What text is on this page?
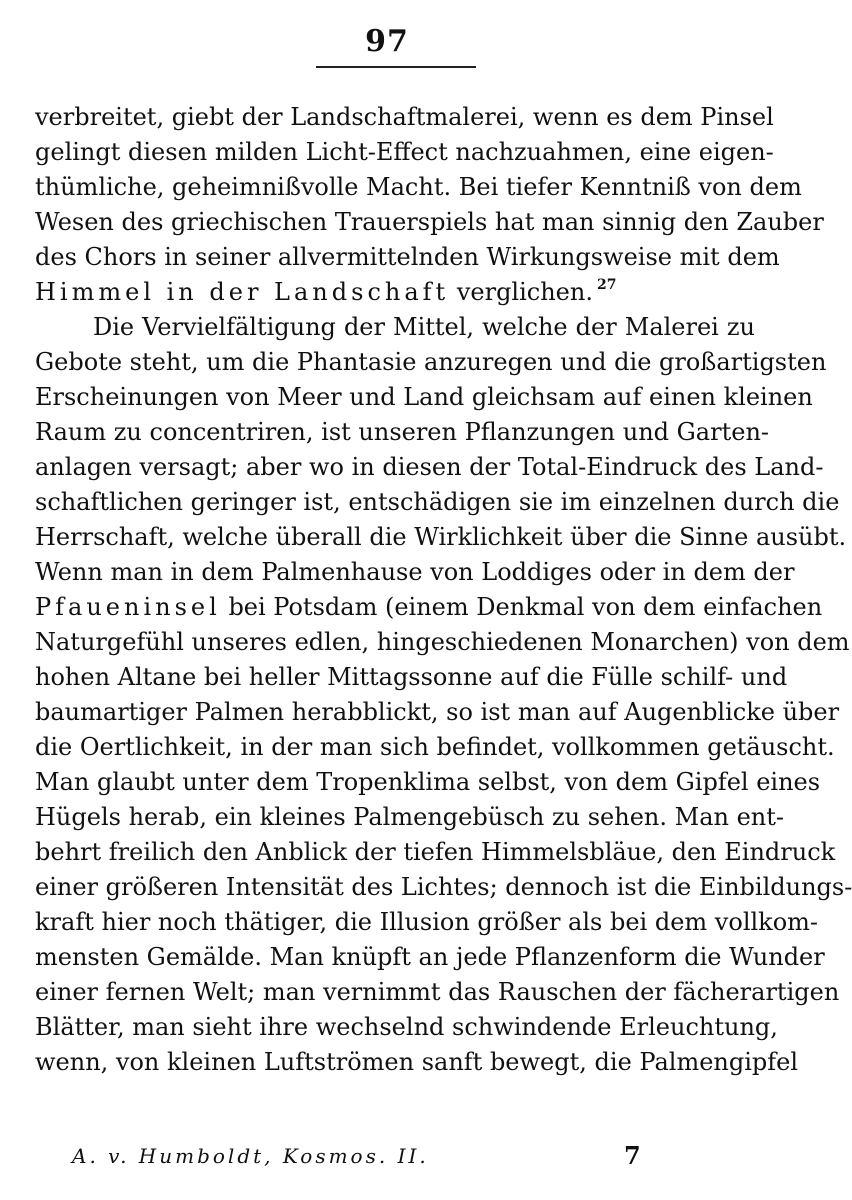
97
verbreitet, giebt der Landschaftmalerei, wenn es dem Pinsel
gelingt diesen milden Licht-Effect nachzuahmen, eine eigen-
thümliche, geheimnißvolle Macht. Bei tiefer Kenntniß von dem
Wesen des griechischen Trauerspiels hat man sinnig den Zauber
des Chors in seiner allvermittelnden Wirkungsweise mit dem
Himmel in der Landschaft verglichen. $^{27}$
Die Vervielfältigung der Mittel, welche der Malerei zu
Gebote steht, um die Phantasie anzuregen und die großartigsten
Erscheinungen von Meer und Land gleichsam auf einen kleinen
Raum zu concentriren, ist unseren Pflanzungen und Garten-
anlagen versagt; aber wo in diesen der Total-Eindruck des Land-
schaftlichen geringer ist, entschädigen sie im einzelnen durch die
Herrschaft, welche überall die Wirklichkeit über die Sinne ausübt.
Wenn man in dem Palmenhause von Loddiges oder in dem der
Pfaueninsel bei Potsdam (einem Denkmal von dem einfachen
Naturgefühl unseres edlen, hingeschiedenen Monarchen) von dem
hohen Altane bei heller Mittagssonne auf die Fülle schilf- und
baumartiger Palmen herabblickt, so ist man auf Augenblicke über
die Oertlichkeit, in der man sich befindet, vollkommen getäuscht.
Man glaubt unter dem Tropenklima selbst, von dem Gipfel eines
Hügels herab, ein kleines Palmengebüsch zu sehen. Man ent-
behrt freilich den Anblick der tiefen Himmelsbläue, den Eindruck
einer größeren Intensität des Lichtes; dennoch ist die Einbildungs-
kraft hier noch thätiger, die Illusion größer als bei dem vollkom-
mensten Gemälde. Man knüpft an jede Pflanzenform die Wunder
einer fernen Welt; man vernimmt das Rauschen der fächerartigen
Blätter, man sieht ihre wechselnd schwindende Erleuchtung,
wenn, von kleinen Luftströmen sanft bewegt, die Palmengipfel
A. v. Humboldt, Kosmos. II.	7
